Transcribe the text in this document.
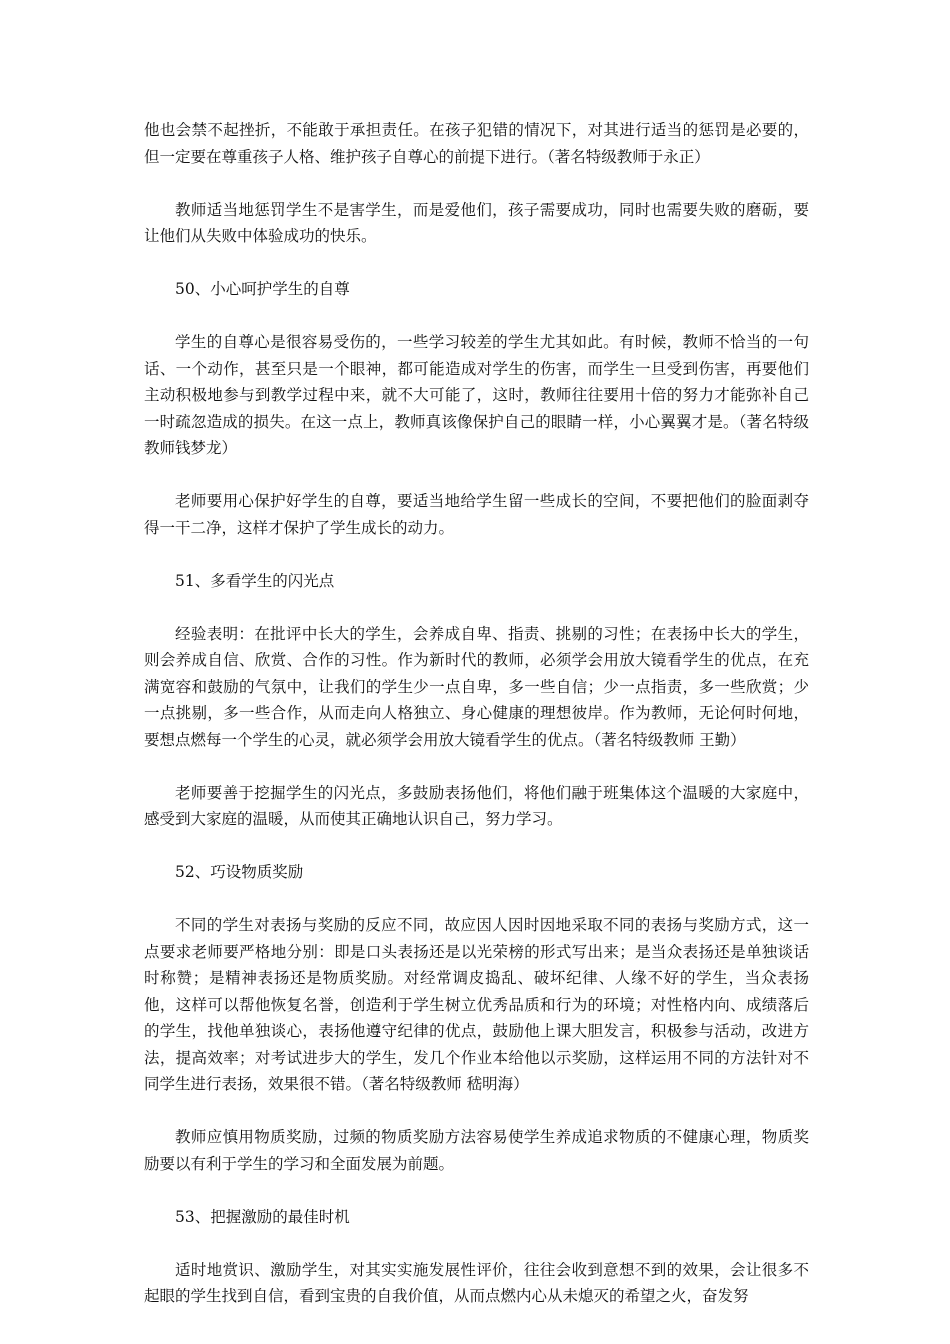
他也会禁不起挫折，不能敢于承担责任。在孩子犯错的情况下，对其进行适当的惩罚是必要的，但一定要在尊重孩子人格、维护孩子自尊心的前提下进行。（著名特级教师于永正）

教师适当地惩罚学生不是害学生，而是爱他们，孩子需要成功，同时也需要失败的磨砺，要让他们从失败中体验成功的快乐。

50、小心呵护学生的自尊

学生的自尊心是很容易受伤的，一些学习较差的学生尤其如此。有时候，教师不恰当的一句话、一个动作，甚至只是一个眼神，都可能造成对学生的伤害，而学生一旦受到伤害，再要他们主动积极地参与到教学过程中来，就不大可能了，这时，教师往往要用十倍的努力才能弥补自己一时疏忽造成的损失。在这一点上，教师真该像保护自己的眼睛一样，小心翼翼才是。（著名特级教师钱梦龙）

老师要用心保护好学生的自尊，要适当地给学生留一些成长的空间，不要把他们的脸面剥夺得一干二净，这样才保护了学生成长的动力。

51、多看学生的闪光点

经验表明：在批评中长大的学生，会养成自卑、指责、挑剔的习性；在表扬中长大的学生，则会养成自信、欣赏、合作的习性。作为新时代的教师，必须学会用放大镜看学生的优点，在充满宽容和鼓励的气氛中，让我们的学生少一点自卑，多一些自信；少一点指责，多一些欣赏；少一点挑剔，多一些合作，从而走向人格独立、身心健康的理想彼岸。作为教师，无论何时何地，要想点燃每一个学生的心灵，就必须学会用放大镜看学生的优点。（著名特级教师 王勤）

老师要善于挖掘学生的闪光点，多鼓励表扬他们，将他们融于班集体这个温暖的大家庭中，感受到大家庭的温暖，从而使其正确地认识自己，努力学习。

52、巧设物质奖励

不同的学生对表扬与奖励的反应不同，故应因人因时因地采取不同的表扬与奖励方式，这一点要求老师要严格地分别：即是口头表扬还是以光荣榜的形式写出来；是当众表扬还是单独谈话时称赞；是精神表扬还是物质奖励。对经常调皮捣乱、破坏纪律、人缘不好的学生，当众表扬他，这样可以帮他恢复名誉，创造利于学生树立优秀品质和行为的环境；对性格内向、成绩落后的学生，找他单独谈心，表扬他遵守纪律的优点，鼓励他上课大胆发言，积极参与活动，改进方法，提高效率；对考试进步大的学生，发几个作业本给他以示奖励，这样运用不同的方法针对不同学生进行表扬，效果很不错。（著名特级教师 嵇明海）

教师应慎用物质奖励，过频的物质奖励方法容易使学生养成追求物质的不健康心理，物质奖励要以有利于学生的学习和全面发展为前题。

53、把握激励的最佳时机

适时地赏识、激励学生，对其实实施发展性评价，往往会收到意想不到的效果，会让很多不起眼的学生找到自信，看到宝贵的自我价值，从而点燃内心从未熄灭的希望之火，奋发努
